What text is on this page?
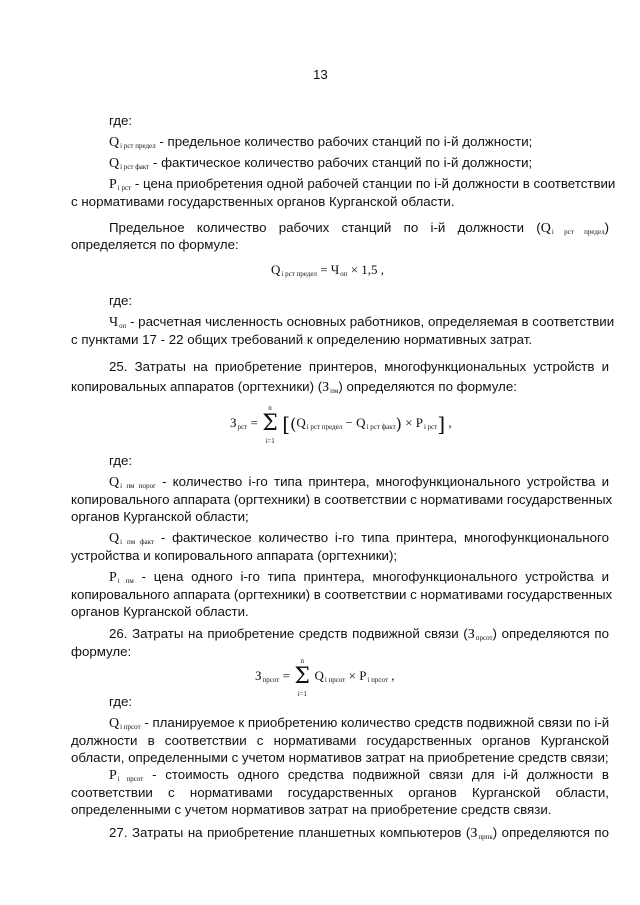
13
где:
$Q_{i рст предел}$ - предельное количество рабочих станций по i-й должности;
$Q_{i рст факт}$ - фактическое количество рабочих станций по i-й должности;
$P_{i рст}$ - цена приобретения одной рабочей станции по i-й должности в соответствии
с нормативами государственных органов Курганской области.
Предельное количество рабочих станций по i-й должности $(Q_{i рст предел})$
определяется по формуле:
$Q_{i рст предел} = Ч_{оп} \times 1,5$ ,
где:
$Ч_{оп}$ - расчетная численность основных работников, определяемая в соответствии
с пунктами 17 - 22 общих требований к определению нормативных затрат.
25. Затраты на приобретение принтеров, многофункциональных устройств и
копировальных аппаратов (оргтехники) $(З_{пм})$ определяются по формуле:
$З_{рст}$ =
n
Σ
i=1
$[(Q_{i рст предел} - Q_{i рст факт}) \times P_{i рст}]$ ,
где:
$Q_{i пм порог}$ - количество i-го типа принтера, многофункционального устройства и
копировального аппарата (оргтехники) в соответствии с нормативами государственных
органов Курганской области;
$Q_{i пм факт}$ - фактическое количество i-го типа принтера, многофункционального
устройства и копировального аппарата (оргтехники);
$P_{i пм}$ - цена одного i-го типа принтера, многофункционального устройства и
копировального аппарата (оргтехники) в соответствии с нормативами государственных
органов Курганской области.
26. Затраты на приобретение средств подвижной связи $(З_{прсот})$ определяются по
формуле:
$З_{прсот}$ =
n
Σ
i=1
$Q_{i прсот} \times P_{i прсот}$ ,
где:
$Q_{i прсот}$ - планируемое к приобретению количество средств подвижной связи по i-й
должности в соответствии с нормативами государственных органов Курганской
области, определенными с учетом нормативов затрат на приобретение средств связи;
$P_{i прсот}$ - стоимость одного средства подвижной связи для i-й должности в
соответствии с нормативами государственных органов Курганской области,
определенными с учетом нормативов затрат на приобретение средств связи.
27. Затраты на приобретение планшетных компьютеров $(З_{прпк})$ определяются по
